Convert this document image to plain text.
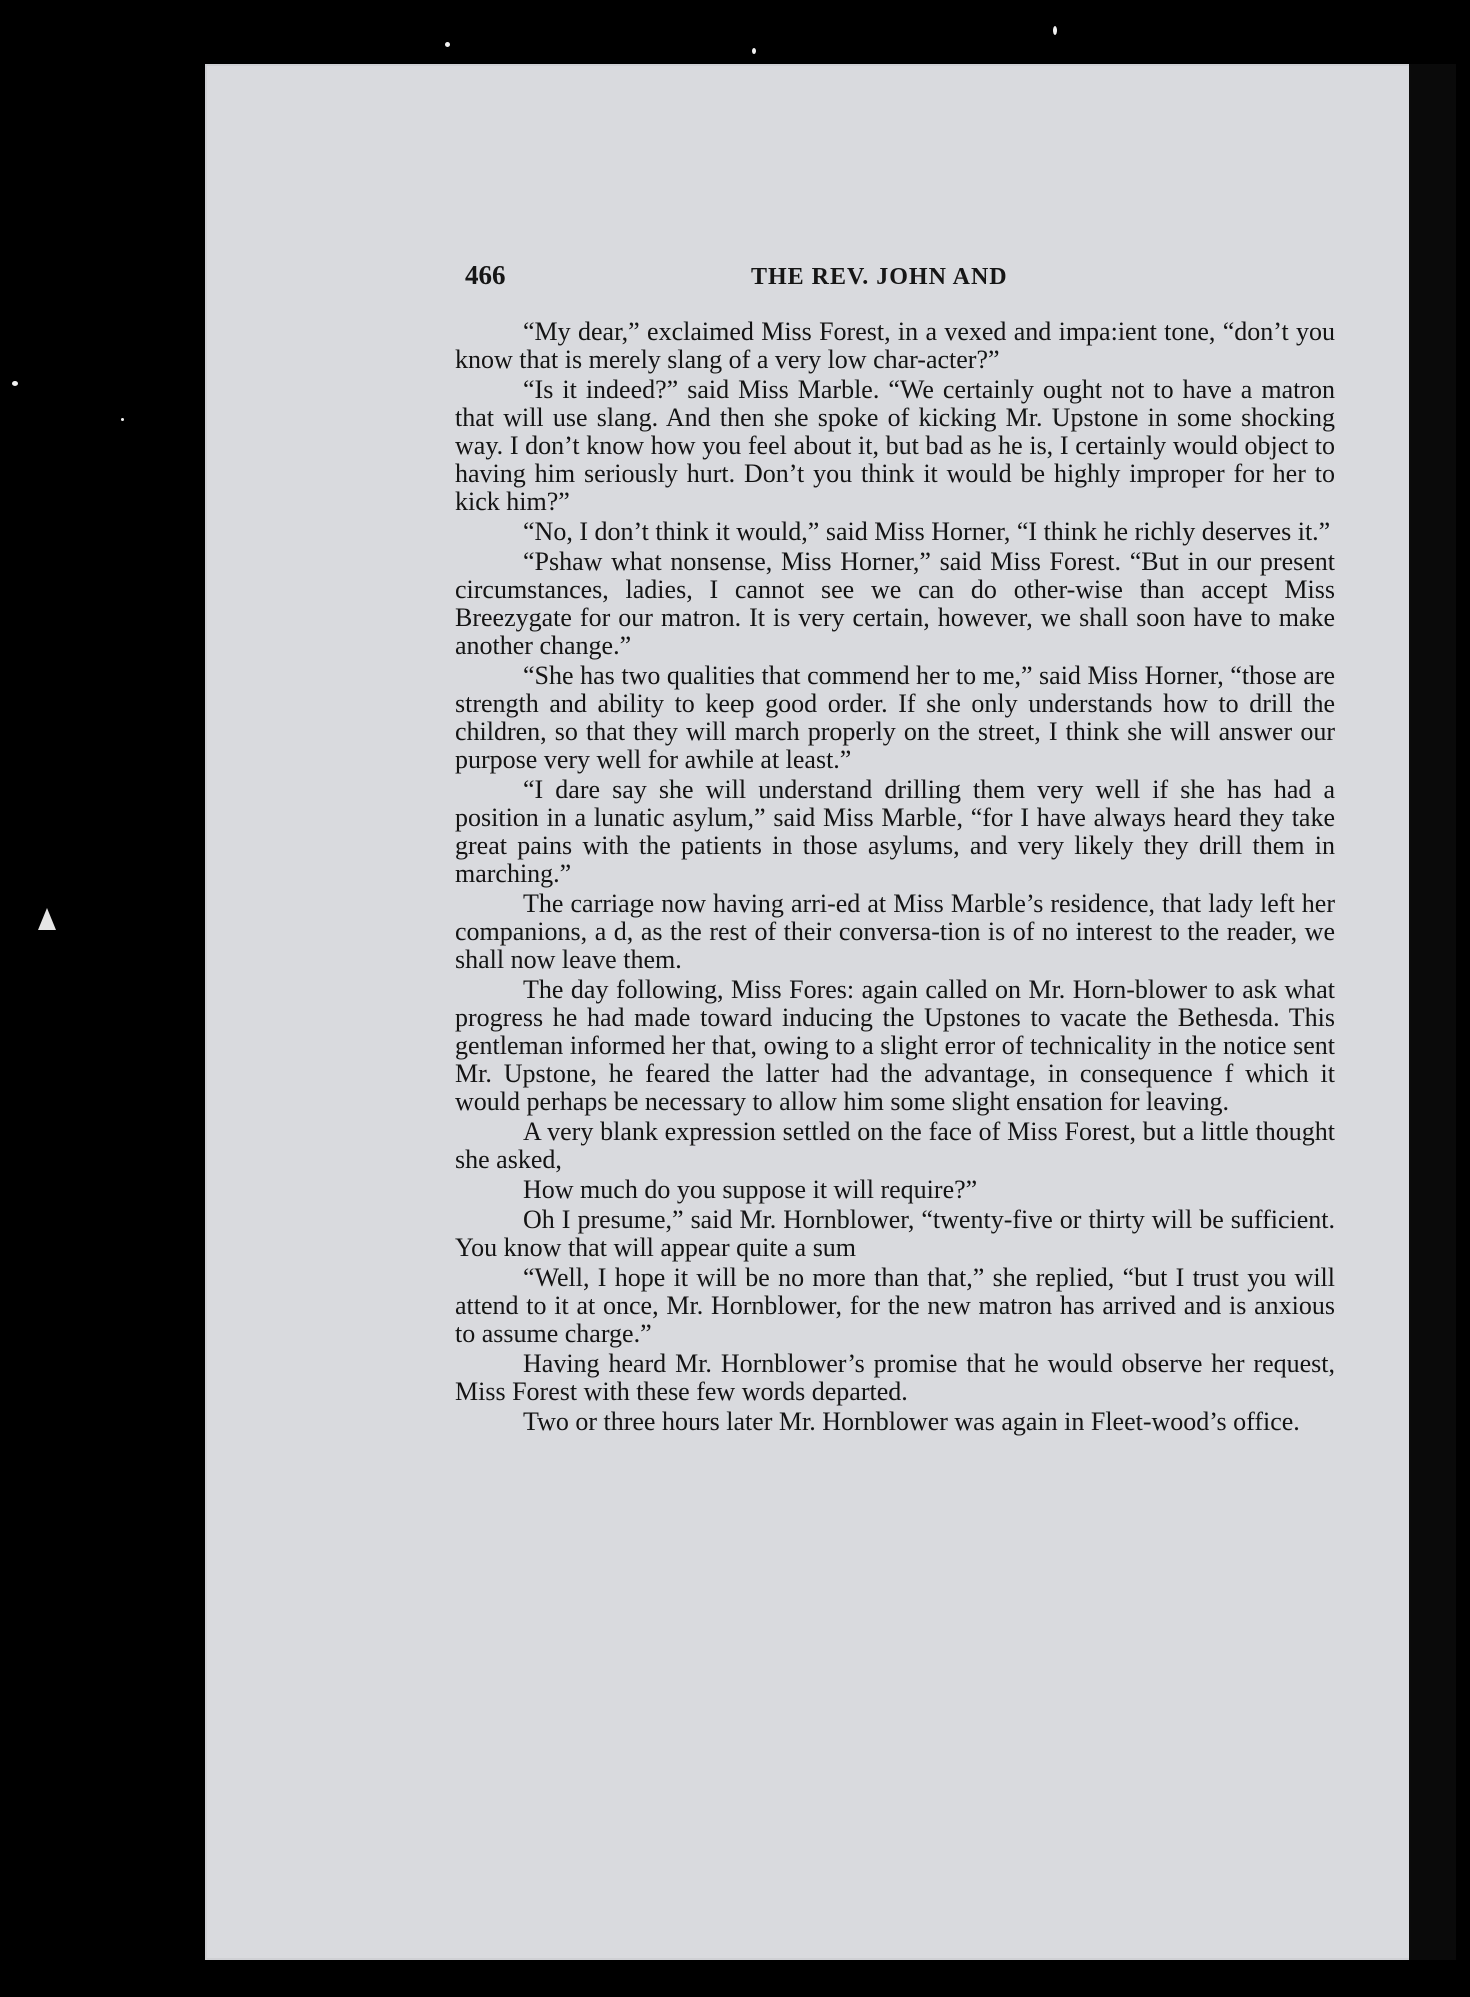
466	THE REV. JOHN AND

“My dear,” exclaimed Miss Forest, in a vexed and impa:ient tone, “don’t you know that is merely slang of a very low char-acter?”

“Is it indeed?” said Miss Marble. “We certainly ought not to have a matron that will use slang. And then she spoke of kicking Mr. Upstone in some shocking way. I don’t know how you feel about it, but bad as he is, I certainly would object to having him seriously hurt. Don’t you think it would be highly improper for her to kick him?”

“No, I don’t think it would,” said Miss Horner, “I think he richly deserves it.”

“Pshaw what nonsense, Miss Horner,” said Miss Forest. “But in our present circumstances, ladies, I cannot see we can do other-wise than accept Miss Breezygate for our matron. It is very certain, however, we shall soon have to make another change.”

“She has two qualities that commend her to me,” said Miss Horner, “those are strength and ability to keep good order. If she only understands how to drill the children, so that they will march properly on the street, I think she will answer our purpose very well for awhile at least.”

“I dare say she will understand drilling them very well if she has had a position in a lunatic asylum,” said Miss Marble, “for I have always heard they take great pains with the patients in those asylums, and very likely they drill them in marching.”

The carriage now having arri-ed at Miss Marble’s residence, that lady left her companions, a d, as the rest of their conversa-tion is of no interest to the reader, we shall now leave them.

The day following, Miss Fores: again called on Mr. Horn-blower to ask what progress he had made toward inducing the Upstones to vacate the Bethesda. This gentleman informed her that, owing to a slight error of technicality in the notice sent Mr. Upstone, he feared the latter had the advantage, in consequence f which it would perhaps be necessary to allow him some slight ensation for leaving.

A very blank expression settled on the face of Miss Forest, but a little thought she asked,

How much do you suppose it will require?”

Oh I presume,” said Mr. Hornblower, “twenty-five or thirty will be sufficient. You know that will appear quite a sum

“Well, I hope it will be no more than that,” she replied, “but I trust you will attend to it at once, Mr. Hornblower, for the new matron has arrived and is anxious to assume charge.”

Having heard Mr. Hornblower’s promise that he would observe her request, Miss Forest with these few words departed.

Two or three hours later Mr. Hornblower was again in Fleet-wood’s office.
